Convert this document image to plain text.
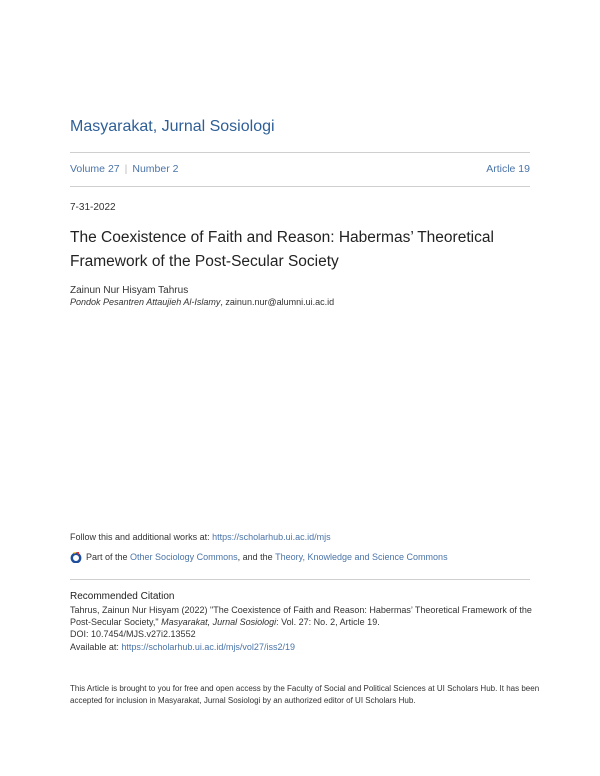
Masyarakat, Jurnal Sosiologi
Volume 27 | Number 2	Article 19
7-31-2022
The Coexistence of Faith and Reason: Habermas’ Theoretical Framework of the Post-Secular Society
Zainun Nur Hisyam Tahrus
Pondok Pesantren Attaujieh Al-Islamy, zainun.nur@alumni.ui.ac.id
Follow this and additional works at: https://scholarhub.ui.ac.id/mjs
Part of the
Other Sociology Commons , and the
Theory, Knowledge and Science Commons
Recommended Citation
Tahrus, Zainun Nur Hisyam (2022) "The Coexistence of Faith and Reason: Habermas’ Theoretical Framework of the Post-Secular Society," Masyarakat, Jurnal Sosiologi: Vol. 27: No. 2, Article 19.
DOI: 10.7454/MJS.v27i2.13552
Available at: https://scholarhub.ui.ac.id/mjs/vol27/iss2/19
This Article is brought to you for free and open access by the Faculty of Social and Political Sciences at UI Scholars Hub. It has been accepted for inclusion in Masyarakat, Jurnal Sosiologi by an authorized editor of UI Scholars Hub.
